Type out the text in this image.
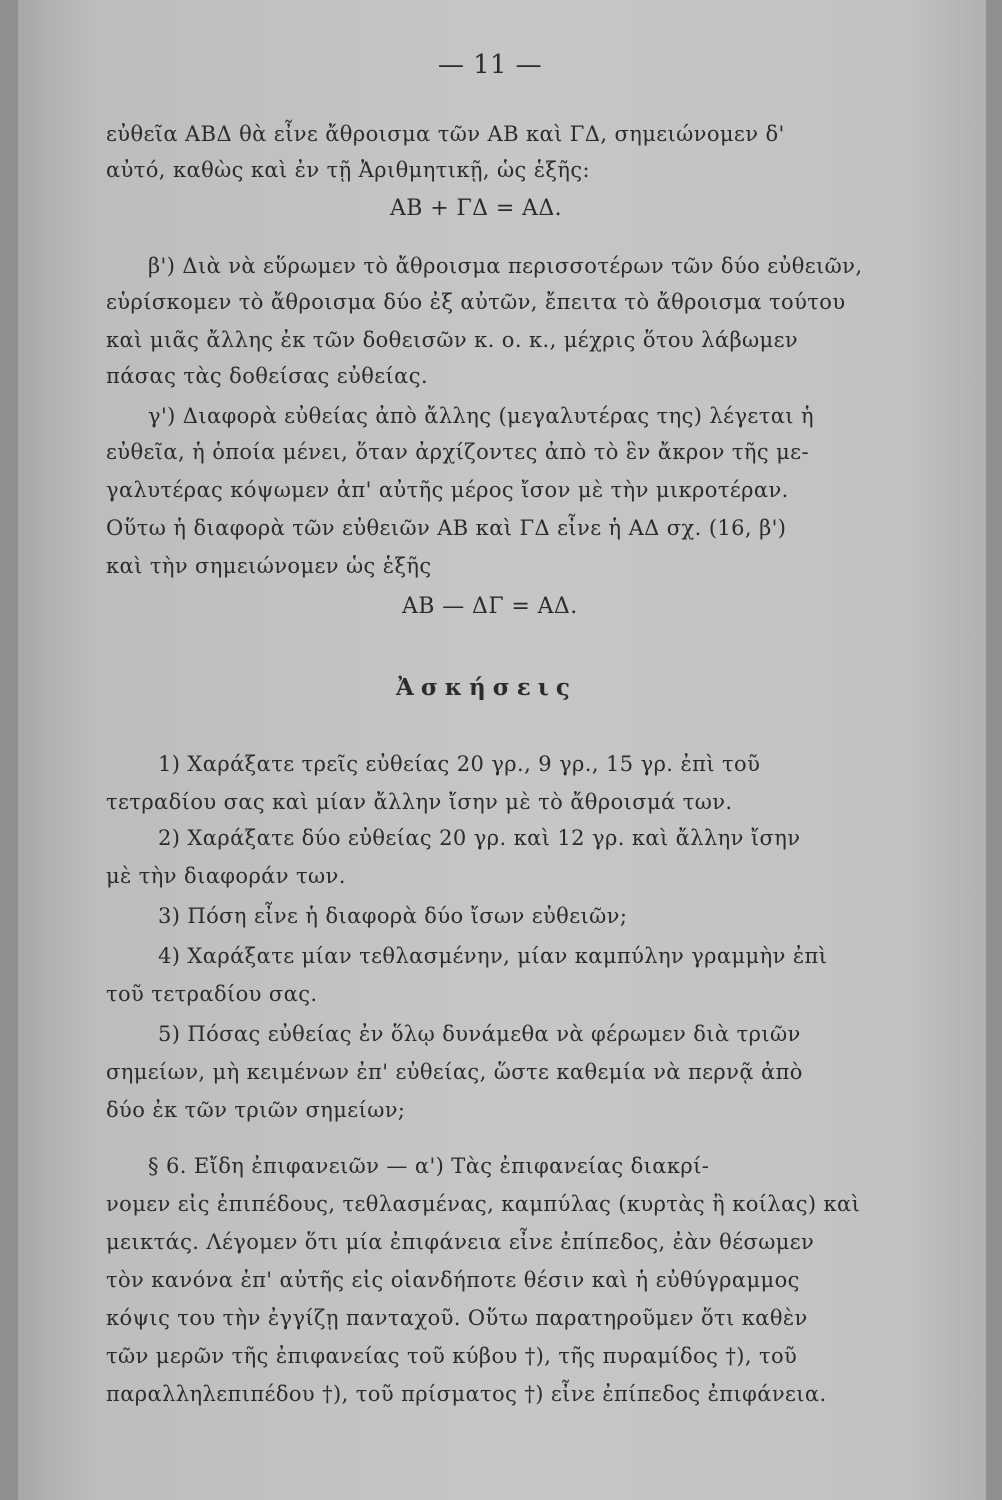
— 11 —
εὐθεῖα ΑΒΔ θὰ εἶνε ἄθροισμα τῶν ΑΒ καὶ ΓΔ, σημειώνομεν δ'
αὐτό, καθὼς καὶ ἐν τῇ Ἀριθμητικῇ, ὡς ἑξῆς:
ΑΒ + ΓΔ = ΑΔ.
β') Διὰ νὰ εὕρωμεν τὸ ἄθροισμα περισσοτέρων τῶν δύο εὐθειῶν,
εὑρίσκομεν τὸ ἄθροισμα δύο ἐξ αὐτῶν, ἔπειτα τὸ ἄθροισμα τούτου
καὶ μιᾶς ἄλλης ἐκ τῶν δοθεισῶν κ. ο. κ., μέχρις ὅτου λάβωμεν
πάσας τὰς δοθείσας εὐθείας.
γ') Διαφορὰ εὐθείας ἀπὸ ἄλλης (μεγαλυτέρας της) λέγεται ἡ
εὐθεῖα, ἡ ὁποία μένει, ὅταν ἀρχίζοντες ἀπὸ τὸ ἓν ἄκρον τῆς με-
γαλυτέρας κόψωμεν ἀπ' αὐτῆς μέρος ἴσον μὲ τὴν μικροτέραν.
Οὕτω ἡ διαφορὰ τῶν εὐθειῶν ΑΒ καὶ ΓΔ εἶνε ἡ ΑΔ σχ. (16, β')
καὶ τὴν σημειώνομεν ὡς ἑξῆς
ΑΒ — ΔΓ = ΑΔ.
Ἀσκήσεις
1) Χαράξατε τρεῖς εὐθείας 20 γρ., 9 γρ., 15 γρ. ἐπὶ τοῦ
τετραδίου σας καὶ μίαν ἄλλην ἴσην μὲ τὸ ἄθροισμά των.
2) Χαράξατε δύο εὐθείας 20 γρ. καὶ 12 γρ. καὶ ἄλλην ἴσην
μὲ τὴν διαφοράν των.
3) Πόση εἶνε ἡ διαφορὰ δύο ἴσων εὐθειῶν;
4) Χαράξατε μίαν τεθλασμένην, μίαν καμπύλην γραμμὴν ἐπὶ
τοῦ τετραδίου σας.
5) Πόσας εὐθείας ἐν ὅλῳ δυνάμεθα νὰ φέρωμεν διὰ τριῶν
σημείων, μὴ κειμένων ἐπ' εὐθείας, ὥστε καθεμία νὰ περνᾷ ἀπὸ
δύο ἐκ τῶν τριῶν σημείων;
§ 6. Εἴδη ἐπιφανειῶν — α') Τὰς ἐπιφανείας διακρί-
νομεν εἰς ἐπιπέδους, τεθλασμένας, καμπύλας (κυρτὰς ἢ κοίλας) καὶ
μεικτάς. Λέγομεν ὅτι μία ἐπιφάνεια εἶνε ἐπίπεδος, ἐὰν θέσωμεν
τὸν κανόνα ἐπ' αὐτῆς εἰς οἱανδήποτε θέσιν καὶ ἡ εὐθύγραμμος
κόψις του τὴν ἐγγίζῃ πανταχοῦ. Οὕτω παρατηροῦμεν ὅτι καθὲν
τῶν μερῶν τῆς ἐπιφανείας τοῦ κύβου †), τῆς πυραμίδος †), τοῦ
παραλληλεπιπέδου †), τοῦ πρίσματος †) εἶνε ἐπίπεδος ἐπιφάνεια.
